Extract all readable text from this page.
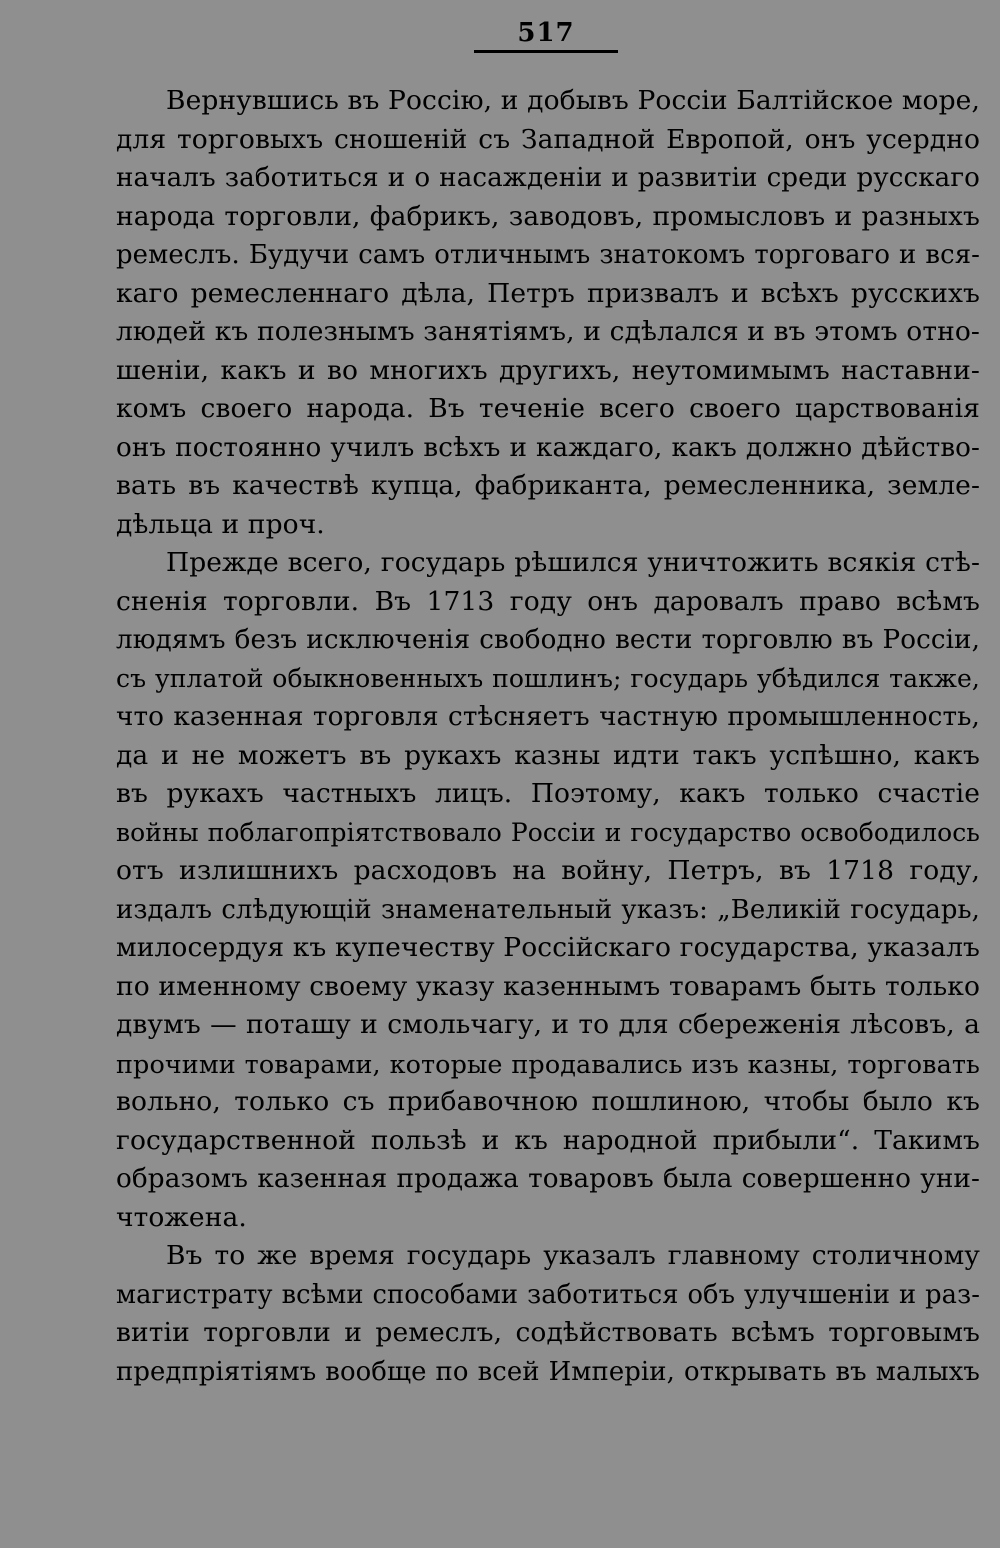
517
Вернувшись въ Россію, и добывъ Россіи Балтійское море,
для торговыхъ сношеній съ Западной Европой, онъ усердно
началъ заботиться и о насажденіи и развитіи среди русскаго
народа торговли, фабрикъ, заводовъ, промысловъ и разныхъ
ремеслъ. Будучи самъ отличнымъ знатокомъ торговаго и вся-
каго ремесленнаго дѣла, Петръ призвалъ и всѣхъ русскихъ
людей къ полезнымъ занятіямъ, и сдѣлался и въ этомъ отно-
шеніи, какъ и во многихъ другихъ, неутомимымъ наставни-
комъ своего народа. Въ теченіе всего своего царствованія
онъ постоянно училъ всѣхъ и каждаго, какъ должно дѣйство-
вать въ качествѣ купца, фабриканта, ремесленника, земле-
дѣльца и проч.
Прежде всего, государь рѣшился уничтожить всякія стѣ-
сненія торговли. Въ 1713 году онъ даровалъ право всѣмъ
людямъ безъ исключенія свободно вести торговлю въ Россіи,
съ уплатой обыкновенныхъ пошлинъ; государь убѣдился также,
что казенная торговля стѣсняетъ частную промышленность,
да и не можетъ въ рукахъ казны идти такъ успѣшно, какъ
въ рукахъ частныхъ лицъ. Поэтому, какъ только счастіе
войны поблагопріятствовало Россіи и государство освободилось
отъ излишнихъ расходовъ на войну, Петръ, въ 1718 году,
издалъ слѣдующій знаменательный указъ: „Великій государь,
милосердуя къ купечеству Россійскаго государства, указалъ
по именному своему указу казеннымъ товарамъ быть только
двумъ — поташу и смольчагу, и то для сбереженія лѣсовъ, а
прочими товарами, которые продавались изъ казны, торговать
вольно, только съ прибавочною пошлиною, чтобы было къ
государственной пользѣ и къ народной прибыли“. Такимъ
образомъ казенная продажа товаровъ была совершенно уни-
чтожена.
Въ то же время государь указалъ главному столичному
магистрату всѣми способами заботиться объ улучшеніи и раз-
витіи торговли и ремеслъ, содѣйствовать всѣмъ торговымъ
предпріятіямъ вообще по всей Имперіи, открывать въ малыхъ
